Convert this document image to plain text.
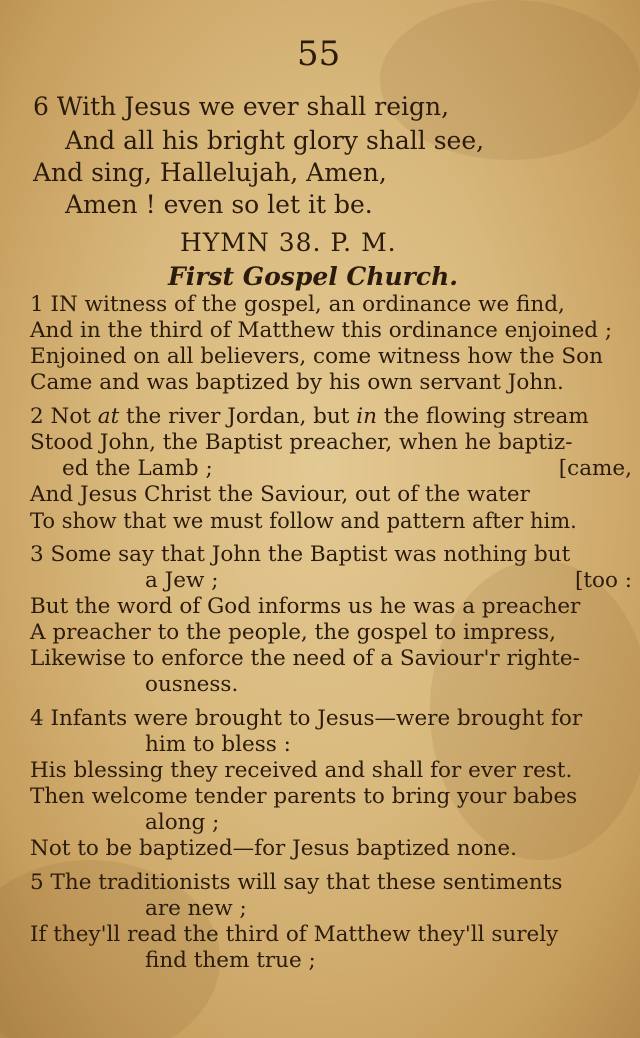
55
6 With Jesus we ever shall reign,
And all his bright glory shall see,
And sing, Hallelujah, Amen,
Amen ! even so let it be.
HYMN 38. P. M.
First Gospel Church.
1 IN witness of the gospel, an ordinance we find,
And in the third of Matthew this ordinance enjoined ;
Enjoined on all believers, come witness how the Son
Came and was baptized by his own servant John.
2 Not at the river Jordan, but in the flowing stream
Stood John, the Baptist preacher, when he baptiz-
ed the Lamb ;	[came,
And Jesus Christ the Saviour, out of the water
To show that we must follow and pattern after him.
3 Some say that John the Baptist was nothing but
a Jew ;	[too :
But the word of God informs us he was a preacher
A preacher to the people, the gospel to impress,
Likewise to enforce the need of a Saviour'r righte-
ousness.
4 Infants were brought to Jesus—were brought for
him to bless :
His blessing they received and shall for ever rest.
Then welcome tender parents to bring your babes
along ;
Not to be baptized—for Jesus baptized none.
5 The traditionists will say that these sentiments
are new ;
If they'll read the third of Matthew they'll surely
find them true ;
